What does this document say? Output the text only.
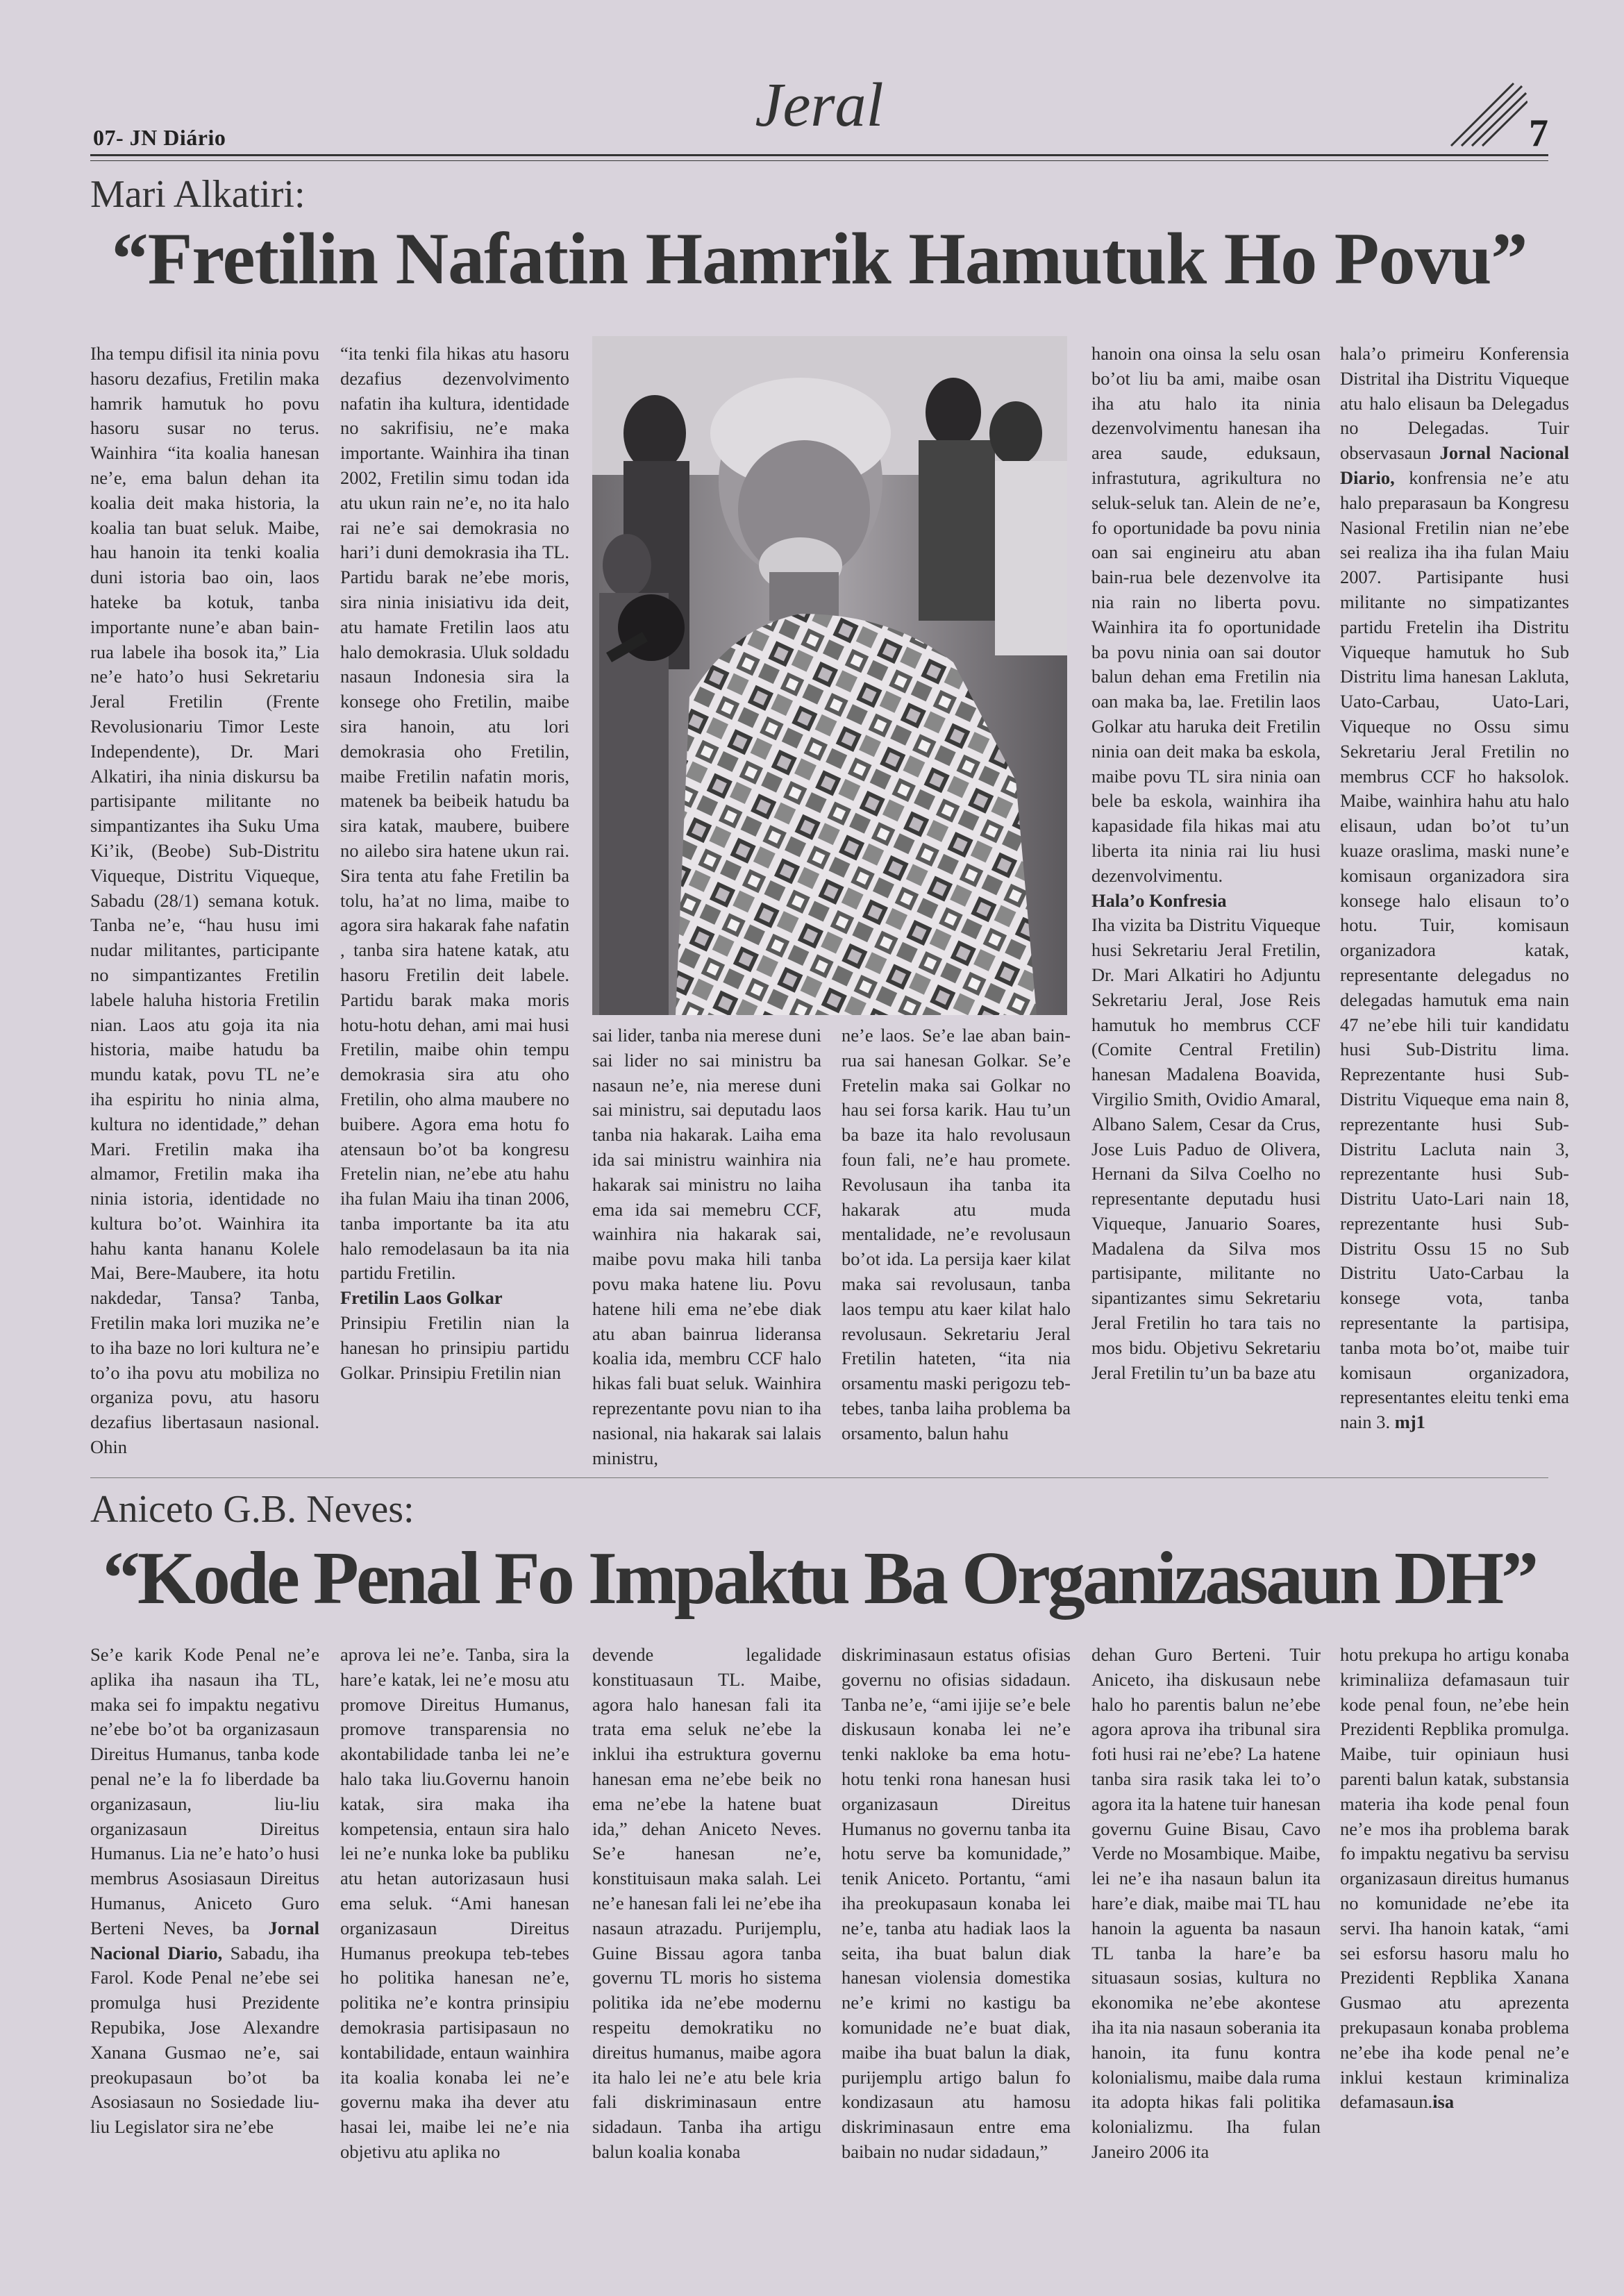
07- JN Diário	Jeral	7
Mari Alkatiri:
“Fretilin Nafatin Hamrik Hamutuk Ho Povu”

Iha tempu difisil ita ninia povu hasoru dezafius, Fretilin maka hamrik hamutuk ho povu hasoru susar no terus. Wainhira “ita koalia hanesan ne’e, ema balun dehan ita koalia deit maka historia, la koalia tan buat seluk. Maibe, hau hanoin ita tenki koalia duni istoria bao oin, laos hateke ba kotuk, tanba importante nune’e aban bain-rua labele iha bosok ita,” Lia ne’e hato’o husi Sekretariu Jeral Fretilin (Frente Revolusionariu Timor Leste Independente), Dr. Mari Alkatiri, iha ninia diskursu ba partisipante militante no simpantizantes iha Suku Uma Ki’ik, (Beobe) Sub-Distritu Viqueque, Distritu Viqueque, Sabadu (28/1) semana kotuk. Tanba ne’e, “hau husu imi nudar militantes, participante no simpantizantes Fretilin labele haluha historia Fretilin nian. Laos atu goja ita nia historia, maibe hatudu ba mundu katak, povu TL ne’e iha espiritu ho ninia alma, kultura no identidade,” dehan Mari. Fretilin maka iha almamor, Fretilin maka iha ninia istoria, identidade no kultura bo’ot. Wainhira ita hahu kanta hananu Kolele Mai, Bere-Maubere, ita hotu nakdedar, Tansa? Tanba, Fretilin maka lori muzika ne’e to iha baze no lori kultura ne’e to’o iha povu atu mobiliza no organiza povu, atu hasoru dezafius libertasaun nasional. Ohin

“ita tenki fila hikas atu hasoru dezafius dezenvolvimento nafatin iha kultura, identidade no sakrifisiu, ne’e maka importante. Wainhira iha tinan 2002, Fretilin simu todan ida atu ukun rain ne’e, no ita halo rai ne’e sai demokrasia no hari’i duni demokrasia iha TL. Partidu barak ne’ebe moris, sira ninia inisiativu ida deit, atu hamate Fretilin laos atu halo demokrasia. Uluk soldadu nasaun Indonesia sira la konsege oho Fretilin, maibe sira hanoin, atu lori demokrasia oho Fretilin, maibe Fretilin nafatin moris, matenek ba beibeik hatudu ba sira katak, maubere, buibere no ailebo sira hatene ukun rai. Sira tenta atu fahe Fretilin ba tolu, ha’at no lima, maibe to agora sira hakarak fahe nafatin , tanba sira hatene katak, atu hasoru Fretilin deit labele. Partidu barak maka moris hotu-hotu dehan, ami mai husi Fretilin, maibe ohin tempu demokrasia sira atu oho Fretilin, oho alma maubere no buibere. Agora ema hotu fo atensaun bo’ot ba kongresu Fretelin nian, ne’ebe atu hahu iha fulan Maiu iha tinan 2006, tanba importante ba ita atu halo remodelasaun ba ita nia partidu Fretilin.

Fretilin Laos Golkar

Prinsipiu Fretilin nian la hanesan ho prinsipiu partidu Golkar. Prinsipiu Fretilin nian

sai lider, tanba nia merese duni sai lider no sai ministru ba nasaun ne’e, nia merese duni sai ministru, sai deputadu laos tanba nia hakarak. Laiha ema ida sai ministru wainhira nia hakarak sai ministru no laiha ema ida sai memebru CCF, wainhira nia hakarak sai, maibe povu maka hili tanba povu maka hatene liu. Povu hatene hili ema ne’ebe diak atu aban bainrua lideransa koalia ida, membru CCF halo hikas fali buat seluk. Wainhira reprezentante povu nian to iha nasional, nia hakarak sai lalais ministru,

ne’e laos. Se’e lae aban bain-rua sai hanesan Golkar. Se’e Fretelin maka sai Golkar no hau sei forsa karik. Hau tu’un ba baze ita halo revolusaun foun fali, ne’e hau promete. Revolusaun iha tanba ita hakarak atu muda mentalidade, ne’e revolusaun bo’ot ida. La persija kaer kilat maka sai revolusaun, tanba laos tempu atu kaer kilat halo revolusaun. Sekretariu Jeral Fretilin hateten, “ita nia orsamentu maski perigozu teb-tebes, tanba laiha problema ba orsamento, balun hahu

hanoin ona oinsa la selu osan bo’ot liu ba ami, maibe osan iha atu halo ita ninia dezenvolvimentu hanesan iha area saude, eduksaun, infrastutura, agrikultura no seluk-seluk tan. Alein de ne’e, fo oportunidade ba povu ninia oan sai engineiru atu aban bain-rua bele dezenvolve ita nia rain no liberta povu. Wainhira ita fo oportunidade ba povu ninia oan sai doutor balun dehan ema Fretilin nia oan maka ba, lae. Fretilin laos Golkar atu haruka deit Fretilin ninia oan deit maka ba eskola, maibe povu TL sira ninia oan bele ba eskola, wainhira iha kapasidade fila hikas mai atu liberta ita ninia rai liu husi dezenvolvimentu.

Hala’o Konfresia

Iha vizita ba Distritu Viqueque husi Sekretariu Jeral Fretilin, Dr. Mari Alkatiri ho Adjuntu Sekretariu Jeral, Jose Reis hamutuk ho membrus CCF (Comite Central Fretilin) hanesan Madalena Boavida, Virgilio Smith, Ovidio Amaral, Albano Salem, Cesar da Crus, Jose Luis Paduo de Olivera, Hernani da Silva Coelho no representante deputadu husi Viqueque, Januario Soares, Madalena da Silva mos partisipante, militante no sipantizantes simu Sekretariu Jeral Fretilin ho tara tais no mos bidu. Objetivu Sekretariu Jeral Fretilin tu’un ba baze atu

hala’o primeiru Konferensia Distrital iha Distritu Viqueque atu halo elisaun ba Delegadus no Delegadas. Tuir observasaun Jornal Nacional Diario, konfrensia ne’e atu halo preparasaun ba Kongresu Nasional Fretilin nian ne’ebe sei realiza iha iha fulan Maiu 2007. Partisipante husi militante no simpatizantes partidu Fretelin iha Distritu Viqueque hamutuk ho Sub Distritu lima hanesan Lakluta, Uato-Carbau, Uato-Lari, Viqueque no Ossu simu Sekretariu Jeral Fretilin no membrus CCF ho haksolok. Maibe, wainhira hahu atu halo elisaun, udan bo’ot tu’un kuaze oraslima, maski nune’e komisaun organizadora sira konsege halo elisaun to’o hotu. Tuir, komisaun organizadora katak, representante delegadus no delegadas hamutuk ema nain 47 ne’ebe hili tuir kandidatu husi Sub-Distritu lima. Reprezentante husi Sub-Distritu Viqueque ema nain 8, reprezentante husi Sub-Distritu Lacluta nain 3, reprezentante husi Sub-Distritu Uato-Lari nain 18, reprezentante husi Sub-Distritu Ossu 15 no Sub Distritu Uato-Carbau la konsege vota, tanba representante la partisipa, tanba mota bo’ot, maibe tuir komisaun organizadora, representantes eleitu tenki ema nain 3. mj1

Aniceto G.B. Neves:
“Kode Penal Fo Impaktu Ba Organizasaun DH”

Se’e karik Kode Penal ne’e aplika iha nasaun iha TL, maka sei fo impaktu negativu ne’ebe bo’ot ba organizasaun Direitus Humanus, tanba kode penal ne’e la fo liberdade ba organizasaun, liu-liu organizasaun Direitus Humanus. Lia ne’e hato’o husi membrus Asosiasaun Direitus Humanus, Aniceto Guro Berteni Neves, ba Jornal Nacional Diario, Sabadu, iha Farol. Kode Penal ne’ebe sei promulga husi Prezidente Repubika, Jose Alexandre Xanana Gusmao ne’e, sai preokupasaun bo’ot ba Asosiasaun no Sosiedade liu-liu Legislator sira ne’ebe

aprova lei ne’e. Tanba, sira la hare’e katak, lei ne’e mosu atu promove Direitus Humanus, promove transparensia no akontabilidade tanba lei ne’e halo taka liu.Governu hanoin katak, sira maka iha kompetensia, entaun sira halo lei ne’e nunka loke ba publiku atu hetan autorizasaun husi ema seluk. “Ami hanesan organizasaun Direitus Humanus preokupa teb-tebes ho politika hanesan ne’e, politika ne’e kontra prinsipiu demokrasia partisipasaun no kontabilidade, entaun wainhira ita koalia konaba lei ne’e governu maka iha dever atu hasai lei, maibe lei ne’e nia objetivu atu aplika no

devende legalidade konstituasaun TL. Maibe, agora halo hanesan fali ita trata ema seluk ne’ebe la inklui iha estruktura governu hanesan ema ne’ebe beik no ema ne’ebe la hatene buat ida,” dehan Aniceto Neves. Se’e hanesan ne’e, konstituisaun maka salah. Lei ne’e hanesan fali lei ne’ebe iha nasaun atrazadu. Purijemplu, Guine Bissau agora tanba governu TL moris ho sistema politika ida ne’ebe modernu respeitu demokratiku no direitus humanus, maibe agora ita halo lei ne’e atu bele kria fali diskriminasaun entre sidadaun. Tanba iha artigu balun koalia konaba

diskriminasaun estatus ofisias governu no ofisias sidadaun. Tanba ne’e, “ami ijije se’e bele diskusaun konaba lei ne’e tenki nakloke ba ema hotu-hotu tenki rona hanesan husi organizasaun Direitus Humanus no governu tanba ita hotu serve ba komunidade,” tenik Aniceto. Portantu, “ami iha preokupasaun konaba lei ne’e, tanba atu hadiak laos la seita, iha buat balun diak hanesan violensia domestika ne’e krimi no kastigu ba komunidade ne’e buat diak, maibe iha buat balun la diak, purijemplu artigo balun fo kondizasaun atu hamosu diskriminasaun entre ema baibain no nudar sidadaun,”

dehan Guro Berteni. Tuir Aniceto, iha diskusaun nebe halo ho parentis balun ne’ebe agora aprova iha tribunal sira foti husi rai ne’ebe? La hatene tanba sira rasik taka lei to’o agora ita la hatene tuir hanesan governu Guine Bisau, Cavo Verde no Mosambique. Maibe, lei ne’e iha nasaun balun ita hare’e diak, maibe mai TL hau hanoin la aguenta ba nasaun TL tanba la hare’e ba situasaun sosias, kultura no ekonomika ne’ebe akontese iha ita nia nasaun soberania ita hanoin, ita funu kontra kolonialismu, maibe dala ruma ita adopta hikas fali politika kolonializmu. Iha fulan Janeiro 2006 ita

hotu prekupa ho artigu konaba kriminaliiza defamasaun tuir kode penal foun, ne’ebe hein Prezidenti Repblika promulga. Maibe, tuir opiniaun husi parenti balun katak, substansia materia iha kode penal foun ne’e mos iha problema barak fo impaktu negativu ba servisu organizasaun direitus humanus no komunidade ne’ebe ita servi. Iha hanoin katak, “ami sei esforsu hasoru malu ho Prezidenti Repblika Xanana Gusmao atu aprezenta prekupasaun konaba problema ne’ebe iha kode penal ne’e inklui kestaun kriminaliza defamasaun.isa
